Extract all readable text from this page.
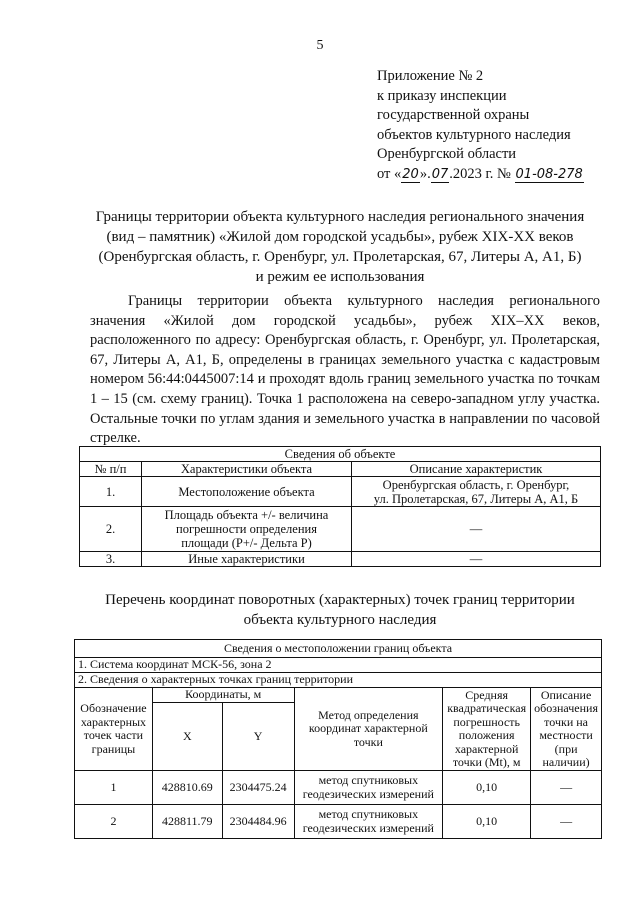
5
Приложение № 2
к приказу инспекции
государственной охраны
объектов культурного наследия
Оренбургской области
от «20».07.2023 г. № 01-08-278
Границы территории объекта культурного наследия регионального значения
(вид – памятник) «Жилой дом городской усадьбы», рубеж XIX-XX веков
(Оренбургская область, г. Оренбург, ул. Пролетарская, 67, Литеры А, А1, Б)
и режим ее использования
Границы территории объекта культурного наследия регионального значения «Жилой дом городской усадьбы», рубеж XIX–XX веков, расположенного по адресу: Оренбургская область, г. Оренбург, ул. Пролетарская, 67, Литеры А, А1, Б, определены в границах земельного участка с кадастровым номером 56:44:0445007:14 и проходят вдоль границ земельного участка по точкам 1 – 15 (см. схему границ). Точка 1 расположена на северо-западном углу участка. Остальные точки по углам здания и земельного участка в направлении по часовой стрелке.
Сведения об объекте		
№ п/п	Характеристики объекта	Описание характеристик
1.	Местоположение объекта	Оренбургская область, г. Оренбург,
ул. Пролетарская, 67, Литеры А, А1, Б

2.	Площадь объекта +/- величина
погрешности определения
площади (Р+/- Дельта Р)	—
3.	Иные характеристики	—
Перечень координат поворотных (характерных) точек границ территории
объекта культурного наследия
Сведения о местоположении границ объекта					
1. Система координат МСК-56, зона 2					
2. Сведения о характерных точках границ территории					
Обозначение характерных точек части границы	Координаты, м		Метод определения координат характерной точки	Средняя квадратическая погрешность положения характерной точки (Mt), м	Описание обозначения точки на местности (при наличии)
	X	Y			
1	428810.69	2304475.24	метод спутниковых геодезических измерений	0,10	—
2	428811.79	2304484.96	метод спутниковых геодезических измерений	0,10	—
